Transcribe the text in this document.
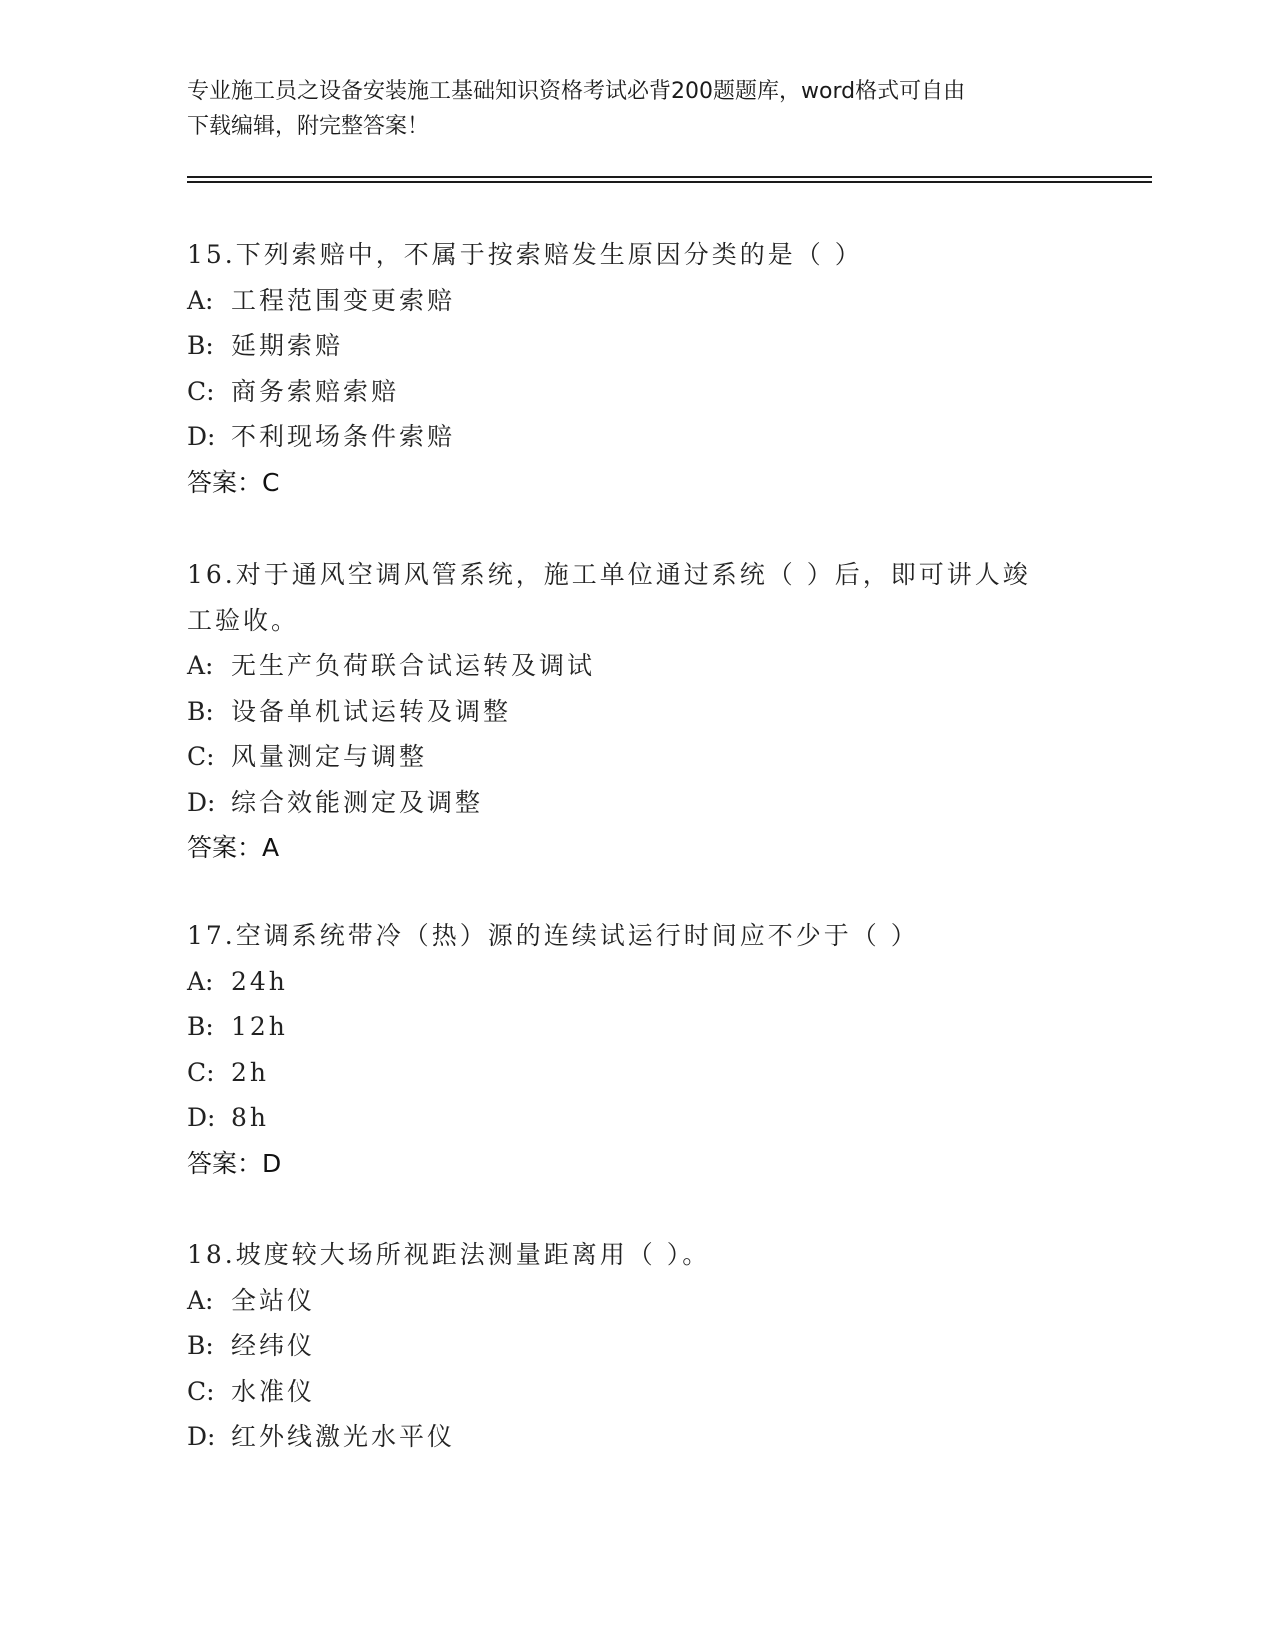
专业施工员之设备安装施工基础知识资格考试必背200题题库，word格式可自由
下载编辑，附完整答案！
15.下列索赔中，不属于按索赔发生原因分类的是（ ）
A: 工程范围变更索赔
B: 延期索赔
C: 商务索赔索赔
D: 不利现场条件索赔
答案：C
16.对于通风空调风管系统，施工单位通过系统（ ）后，即可讲人竣
工验收。
A: 无生产负荷联合试运转及调试
B: 设备单机试运转及调整
C: 风量测定与调整
D: 综合效能测定及调整
答案：A
17.空调系统带冷（热）源的连续试运行时间应不少于（ ）
A: 24h
B: 12h
C: 2h
D: 8h
答案：D
18.坡度较大场所视距法测量距离用（ ）。
A: 全站仪
B: 经纬仪
C: 水准仪
D: 红外线激光水平仪
